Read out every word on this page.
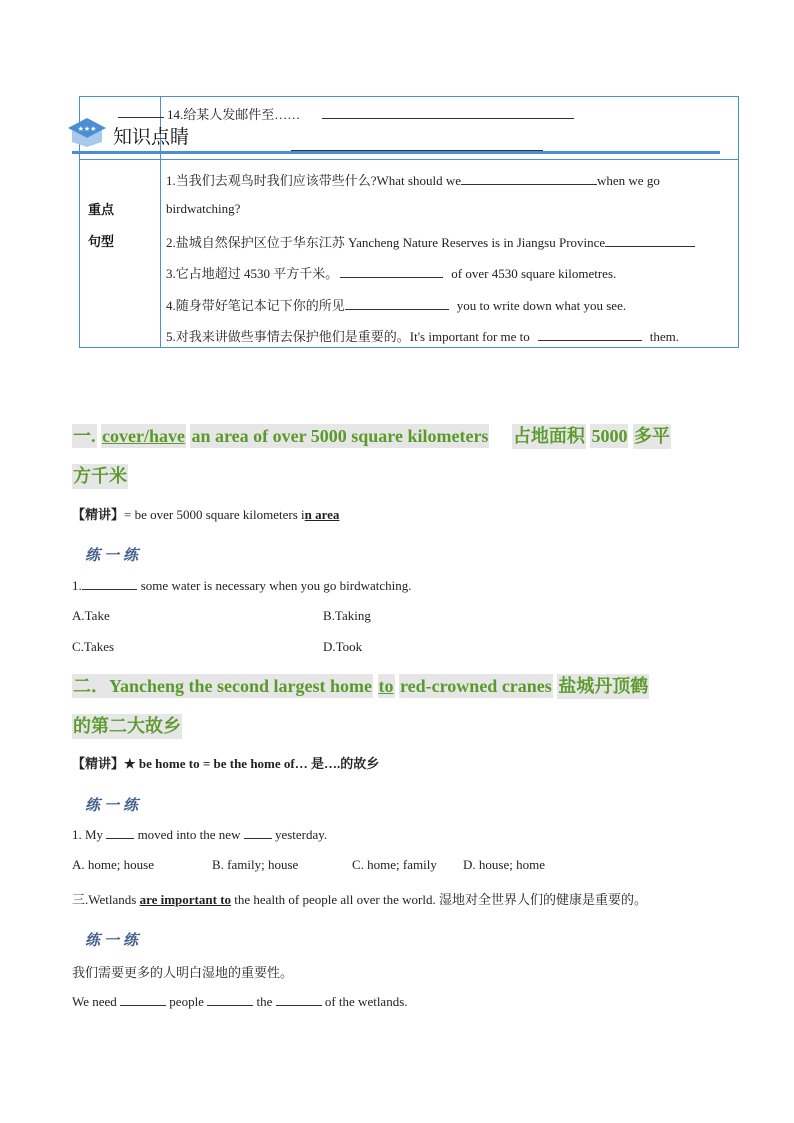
14.给某人发邮件至……
★★★ 知识点睛
重点
句型
1.当我们去观鸟时我们应该带些什么?What should we	when we go
birdwatching?
2.盐城自然保护区位于华东江苏 Yancheng Nature Reserves is in Jiangsu Province
3.它占地超过 4530 平方千米。	of over 4530 square kilometres.
4.随身带好笔记本记下你的所见	you to write down what you see.
5.对我来讲做些事情去保护他们是重要的。It's important for me to	them.
一. cover/have an area of over 5000 square kilometers 占地面积 5000 多平
方千米
【精讲】= be over 5000 square kilometers in area
练一练
1.	some water is necessary when you go birdwatching.
A.Take	B.Taking
C.Takes	D.Took
二．Yancheng the second largest home to red-crowned cranes 盐城丹顶鹤
的第二大故乡
【精讲】★ be home to = be the home of… 是….的故乡
练一练
1. My	moved into the new	yesterday.
A. home; house	B. family; house	C. home; family D. house; home
三.Wetlands are important to the health of people all over the world. 湿地对全世界人们的健康是重要的。
练一练
我们需要更多的人明白湿地的重要性。
We need	people	the	of the wetlands.
